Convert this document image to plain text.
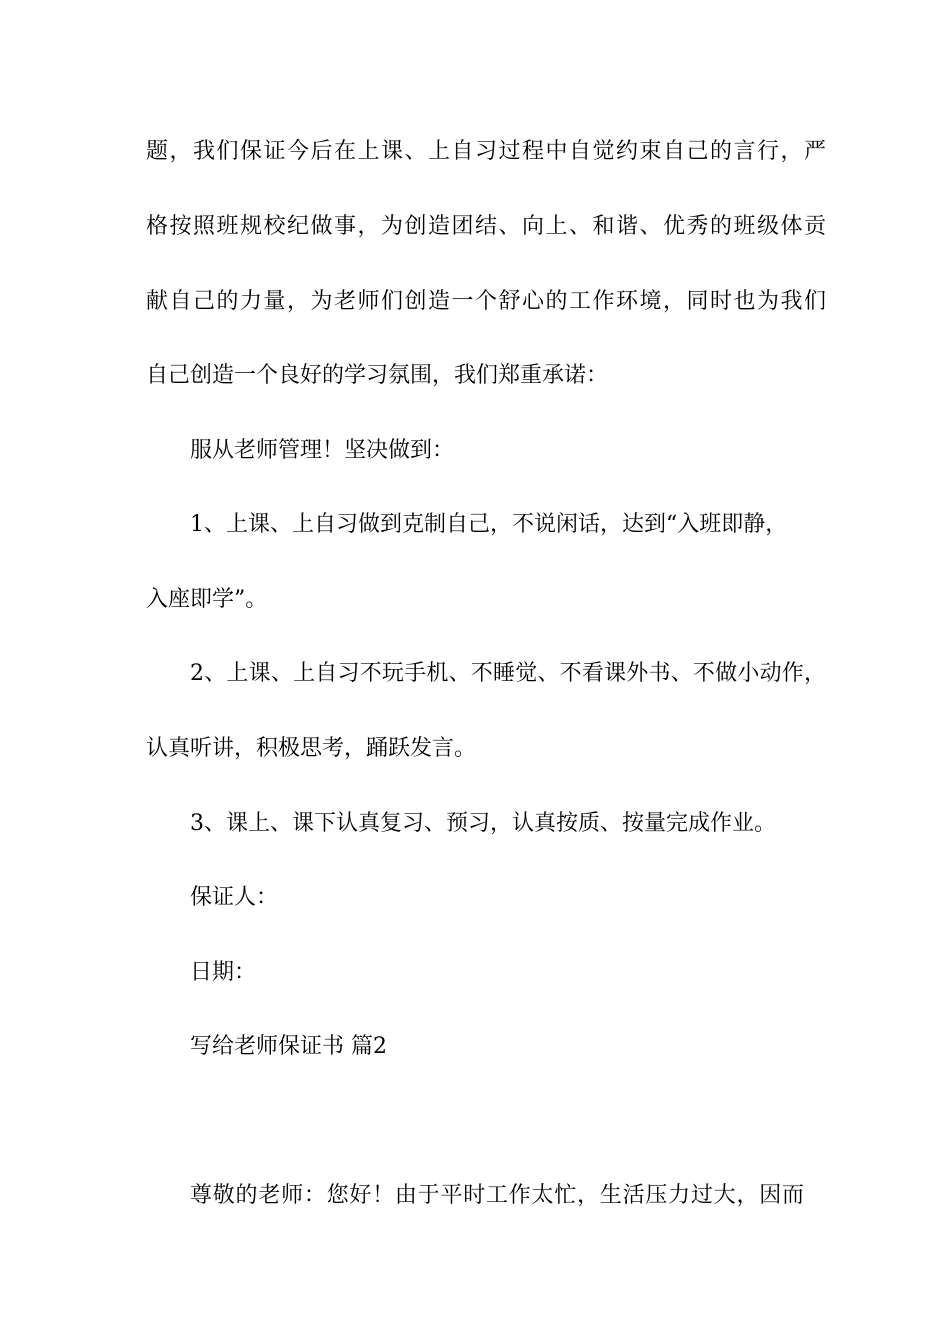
题，我们保证今后在上课、上自习过程中自觉约束自己的言行，严
格按照班规校纪做事，为创造团结、向上、和谐、优秀的班级体贡
献自己的力量，为老师们创造一个舒心的工作环境，同时也为我们
自己创造一个良好的学习氛围，我们郑重承诺：
服从老师管理！坚决做到：
1、上课、上自习做到克制自己，不说闲话，达到“入班即静，
入座即学”。
2、上课、上自习不玩手机、不睡觉、不看课外书、不做小动作，
认真听讲，积极思考，踊跃发言。
3、课上、课下认真复习、预习，认真按质、按量完成作业。
保证人：
日期：
写给老师保证书 篇2
尊敬的老师：您好！由于平时工作太忙，生活压力过大，因而
